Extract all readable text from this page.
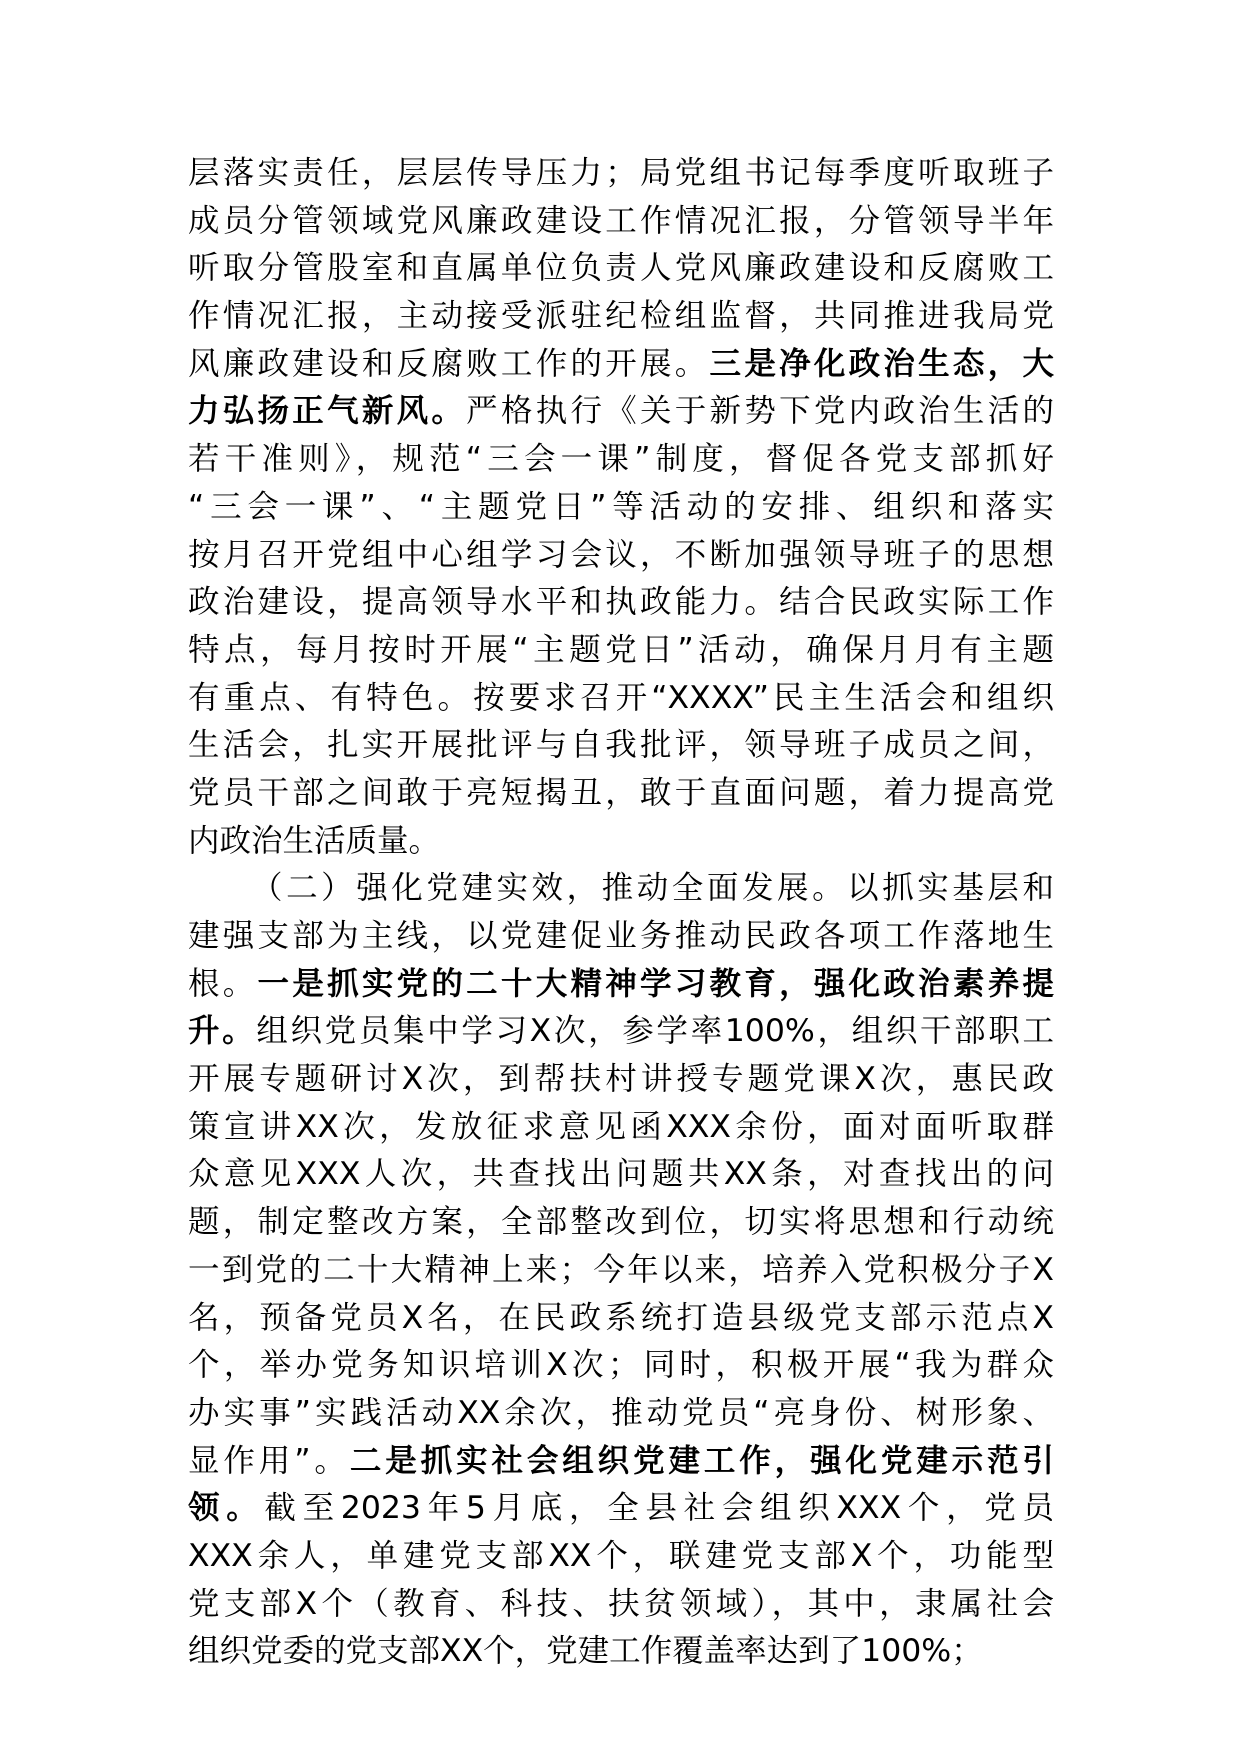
层落实责任，层层传导压力；局党组书记每季度听取班子
成员分管领域党风廉政建设工作情况汇报，分管领导半年
听取分管股室和直属单位负责人党风廉政建设和反腐败工
作情况汇报，主动接受派驻纪检组监督，共同推进我局党
风廉政建设和反腐败工作的开展。三是净化政治生态，大
力弘扬正气新风。严格执行《关于新势下党内政治生活的
若干准则》，规范“三会一课”制度，督促各党支部抓好
“三会一课”、“主题党日”等活动的安排、组织和落实
按月召开党组中心组学习会议，不断加强领导班子的思想
政治建设，提高领导水平和执政能力。结合民政实际工作
特点，每月按时开展“主题党日”活动，确保月月有主题
有重点、有特色。按要求召开“XXXX”民主生活会和组织
生活会，扎实开展批评与自我批评，领导班子成员之间，
党员干部之间敢于亮短揭丑，敢于直面问题，着力提高党
内政治生活质量。
（二）强化党建实效，推动全面发展。以抓实基层和
建强支部为主线，以党建促业务推动民政各项工作落地生
根。一是抓实党的二十大精神学习教育，强化政治素养提
升。组织党员集中学习X次，参学率100%，组织干部职工
开展专题研讨X次，到帮扶村讲授专题党课X次，惠民政
策宣讲XX次，发放征求意见函XXX余份，面对面听取群
众意见XXX人次，共查找出问题共XX条，对查找出的问
题，制定整改方案，全部整改到位，切实将思想和行动统
一到党的二十大精神上来；今年以来，培养入党积极分子X
名，预备党员X名，在民政系统打造县级党支部示范点X
个，举办党务知识培训X次；同时，积极开展“我为群众
办实事”实践活动XX余次，推动党员“亮身份、树形象、
显作用”。二是抓实社会组织党建工作，强化党建示范引
领。截至2023年5月底，全县社会组织XXX个，党员
XXX余人，单建党支部XX个，联建党支部X个，功能型
党支部X个（教育、科技、扶贫领域），其中，隶属社会
组织党委的党支部XX个，党建工作覆盖率达到了100%；
